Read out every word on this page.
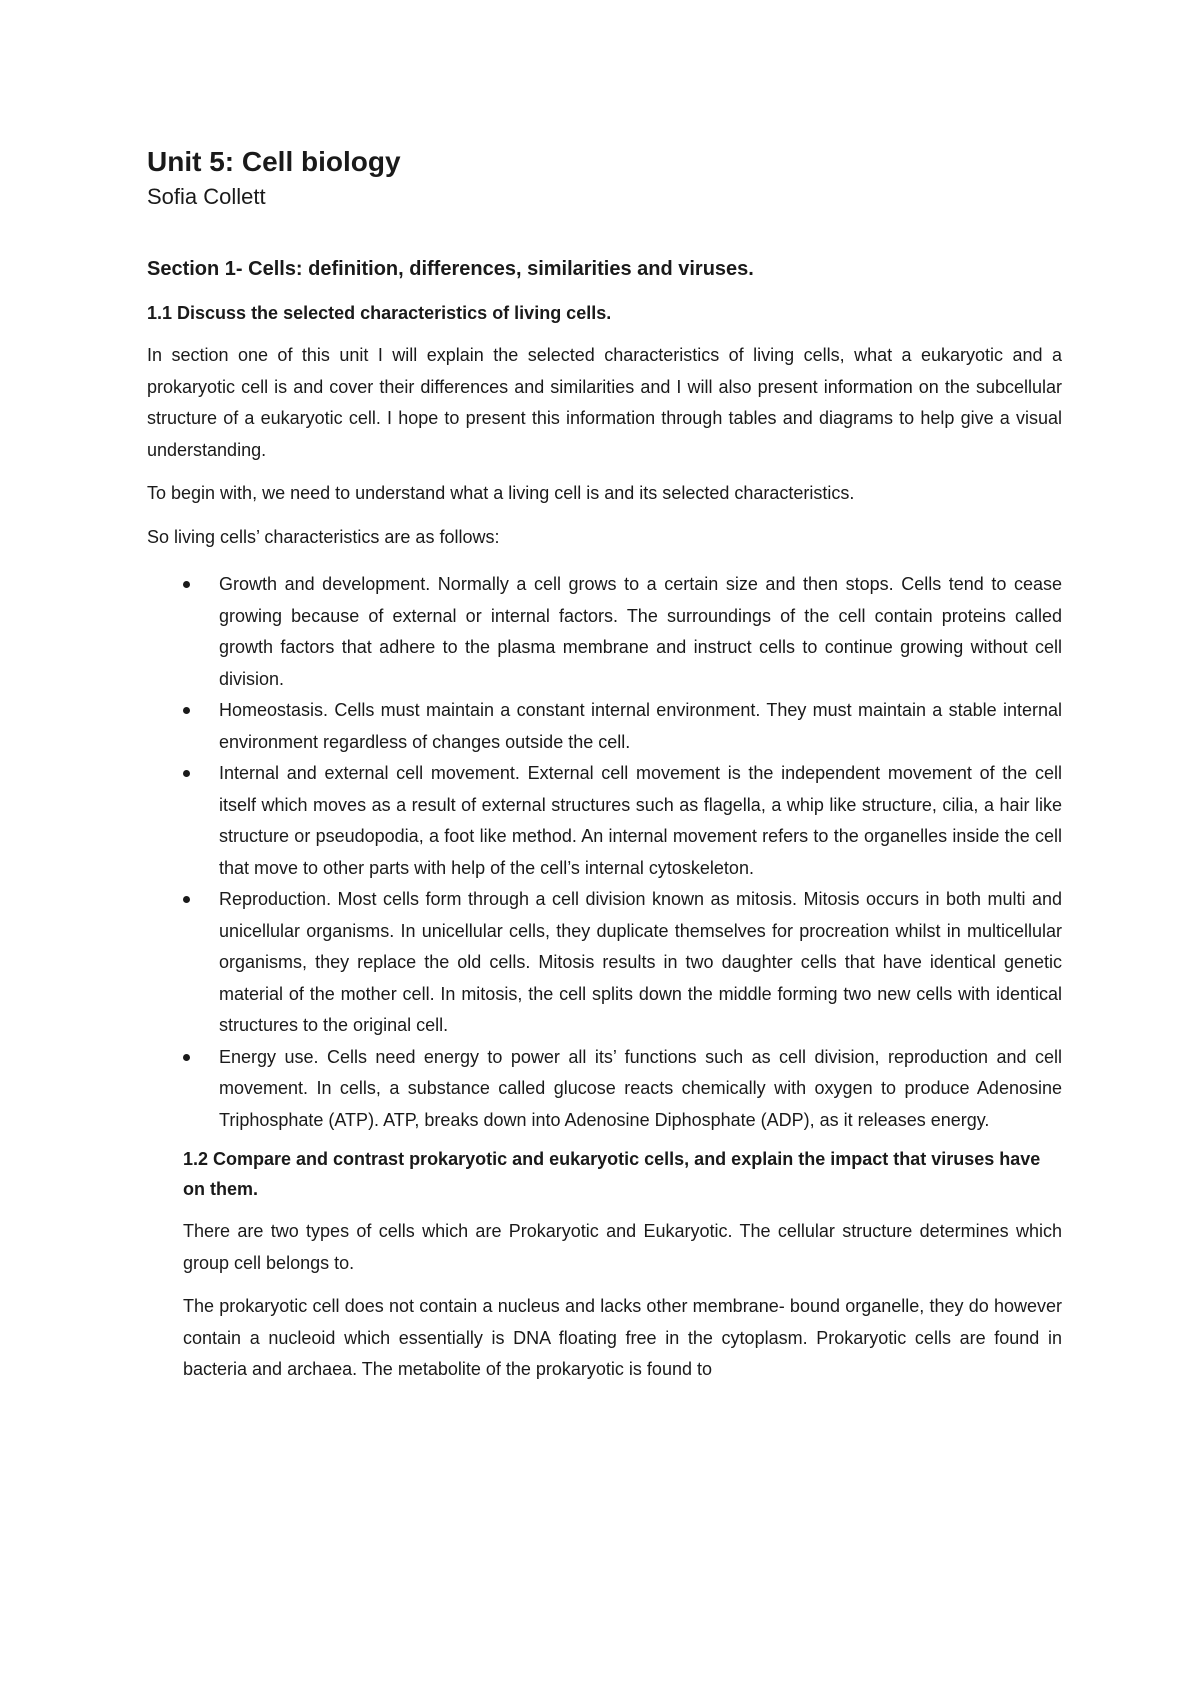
Unit 5: Cell biology

Sofia Collett

Section 1- Cells: definition, differences, similarities and viruses.
1.1 Discuss the selected characteristics of living cells.

In section one of this unit I will explain the selected characteristics of living cells, what a eukaryotic and a prokaryotic cell is and cover their differences and similarities and I will also present information on the subcellular structure of a eukaryotic cell. I hope to present this information through tables and diagrams to help give a visual understanding.

To begin with, we need to understand what a living cell is and its selected characteristics.

So living cells’ characteristics are as follows:

Growth and development. Normally a cell grows to a certain size and then stops. Cells tend to cease growing because of external or internal factors. The surroundings of the cell contain proteins called growth factors that adhere to the plasma membrane and instruct cells to continue growing without cell division.
Homeostasis. Cells must maintain a constant internal environment. They must maintain a stable internal environment regardless of changes outside the cell.
Internal and external cell movement. External cell movement is the independent movement of the cell itself which moves as a result of external structures such as flagella, a whip like structure, cilia, a hair like structure or pseudopodia, a foot like method. An internal movement refers to the organelles inside the cell that move to other parts with help of the cell’s internal cytoskeleton.
Reproduction. Most cells form through a cell division known as mitosis. Mitosis occurs in both multi and unicellular organisms. In unicellular cells, they duplicate themselves for procreation whilst in multicellular organisms, they replace the old cells. Mitosis results in two daughter cells that have identical genetic material of the mother cell. In mitosis, the cell splits down the middle forming two new cells with identical structures to the original cell.
Energy use. Cells need energy to power all its’ functions such as cell division, reproduction and cell movement. In cells, a substance called glucose reacts chemically with oxygen to produce Adenosine Triphosphate (ATP). ATP, breaks down into Adenosine Diphosphate (ADP), as it releases energy.
1.2 Compare and contrast prokaryotic and eukaryotic cells, and explain the impact that viruses have on them.

There are two types of cells which are Prokaryotic and Eukaryotic. The cellular structure determines which group cell belongs to.

The prokaryotic cell does not contain a nucleus and lacks other membrane- bound organelle, they do however contain a nucleoid which essentially is DNA floating free in the cytoplasm. Prokaryotic cells are found in bacteria and archaea. The metabolite of the prokaryotic is found to
